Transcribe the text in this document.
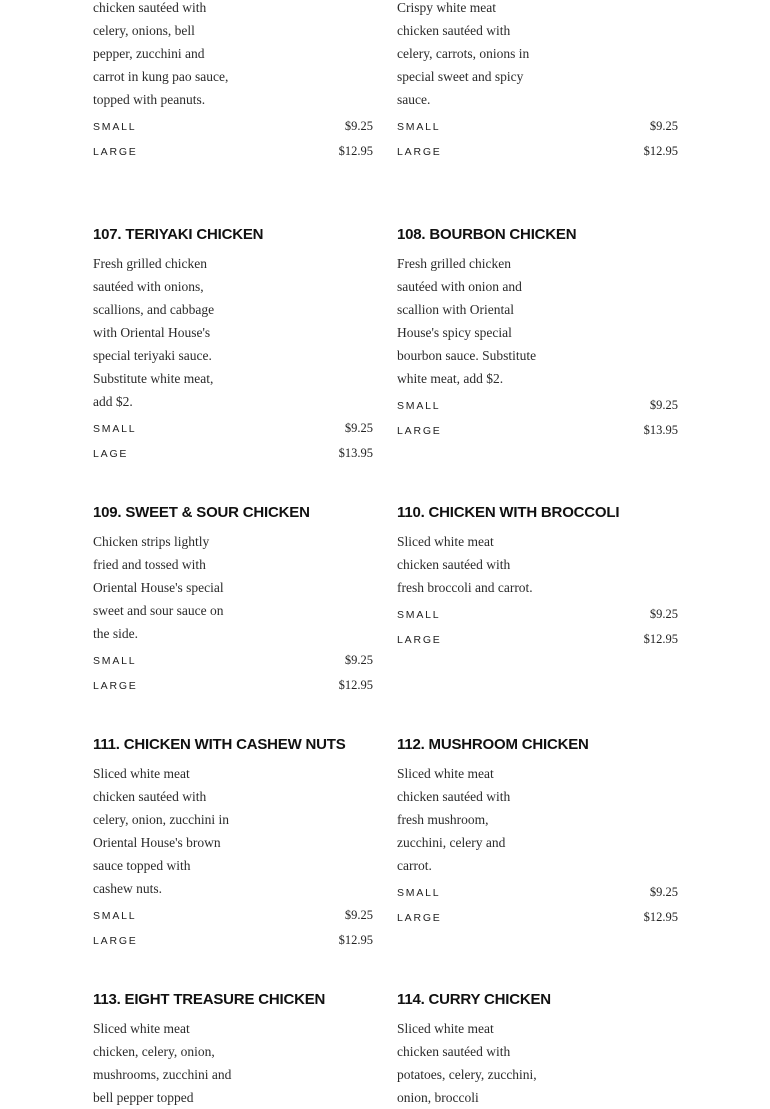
chicken sautéed with celery, onions, bell pepper, zucchini and carrot in kung pao sauce, topped with peanuts.

SMALL	$9.25
LARGE	$12.95

Crispy white meat chicken sautéed with celery, carrots, onions in special sweet and spicy sauce.

SMALL	$9.25
LARGE	$12.95
107. TERIYAKI CHICKEN

Fresh grilled chicken sautéed with onions, scallions, and cabbage with Oriental House's special teriyaki sauce. Substitute white meat, add $2.

SMALL	$9.25
LAGE	$13.95
108. BOURBON CHICKEN

Fresh grilled chicken sautéed with onion and scallion with Oriental House's spicy special bourbon sauce. Substitute white meat, add $2.

SMALL	$9.25
LARGE	$13.95
109. SWEET & SOUR CHICKEN

Chicken strips lightly fried and tossed with Oriental House's special sweet and sour sauce on the side.

SMALL	$9.25
LARGE	$12.95
110. CHICKEN WITH BROCCOLI

Sliced white meat chicken sautéed with fresh broccoli and carrot.

SMALL	$9.25
LARGE	$12.95
111. CHICKEN WITH CASHEW NUTS

Sliced white meat chicken sautéed with celery, onion, zucchini in Oriental House's brown sauce topped with cashew nuts.

SMALL	$9.25
LARGE	$12.95
112. MUSHROOM CHICKEN

Sliced white meat chicken sautéed with fresh mushroom, zucchini, celery and carrot.

SMALL	$9.25
LARGE	$12.95
113. EIGHT TREASURE CHICKEN

Sliced white meat chicken, celery, onion, mushrooms, zucchini and bell pepper topped

114. CURRY CHICKEN

Sliced white meat chicken sautéed with potatoes, celery, zucchini, onion, broccoli
